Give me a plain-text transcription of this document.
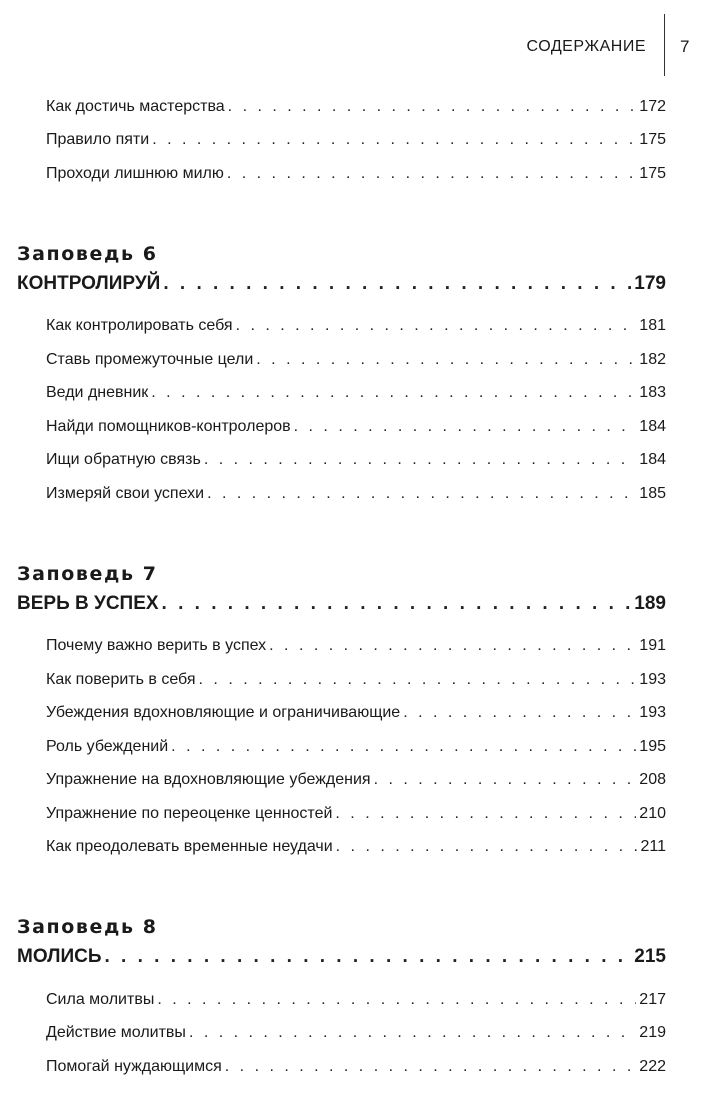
СОДЕРЖАНИЕ 7
Как достичь мастерства . . .	172
Правило пяти . . .	175
Проходи лишнюю милю . . .	175
Заповедь 6
КОНТРОЛИРУЙ . . .	179
Как контролировать себя . . .	181
Ставь промежуточные цели . . .	182
Веди дневник . . .	183
Найди помощников-контролеров . . .	184
Ищи обратную связь . . .	184
Измеряй свои успехи . . .	185
Заповедь 7
ВЕРЬ В УСПЕХ . . .	189
Почему важно верить в успех . . .	191
Как поверить в себя . . .	193
Убеждения вдохновляющие и ограничивающие . . .	193
Роль убеждений . . .	195
Упражнение на вдохновляющие убеждения . . .	208
Упражнение по переоценке ценностей . . .	210
Как преодолевать временные неудачи . . .	211
Заповедь 8
МОЛИСЬ . . .	215
Сила молитвы . . .	217
Действие молитвы . . .	219
Помогай нуждающимся . . .	222
